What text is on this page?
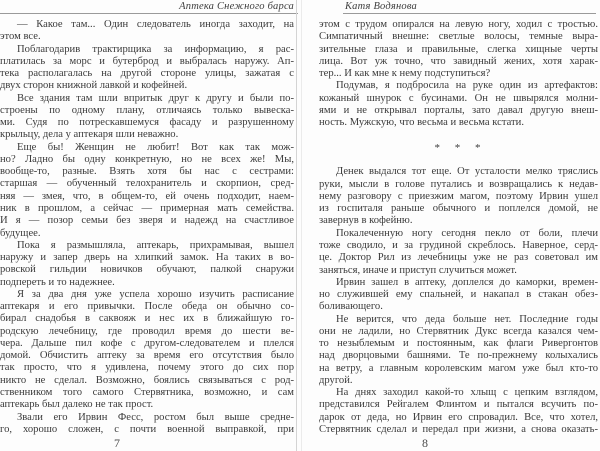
Аптека Снежного барса
— Какое там... Один следователь иногда заходит, на
этом все.
Поблагодарив трактирщика за информацию, я рас-
платилась за морс и бутерброд и выбралась наружу. Ап-
тека располагалась на другой стороне улицы, зажатая с
двух сторон книжной лавкой и кофейней.
Все здания там шли впритык друг к другу и были по-
строены по одному плану, отличаясь только вывеска-
ми. Судя по потрескавшемуся фасаду и разрушенному
крыльцу, дела у аптекаря шли неважно.
Еще бы! Женщин не любит! Вот как так мож-
но? Ладно бы одну конкретную, но не всех же! Мы,
вообще-то, разные. Взять хотя бы нас с сестрами:
старшая — обученный телохранитель и скорпион, сред-
няя — змея, что, в общем-то, ей очень подходит, наем-
ник в прошлом, а сейчас — примерная мать семейства.
И я — позор семьи без зверя и надежд на счастливое
будущее.
Пока я размышляла, аптекарь, прихрамывая, вышел
наружу и запер дверь на хлипкий замок. На таких в во-
ровской гильдии новичков обучают, палкой снаружи
подпереть и то надежнее.
Я за два дня уже успела хорошо изучить расписание
аптекаря и его привычки. После обеда он обычно со-
бирал снадобья в саквояж и нес их в ближайшую го-
родскую лечебницу, где проводил время до шести ве-
чера. Дальше пил кофе с другом-следователем и плелся
домой. Обчистить аптеку за время его отсутствия было
так просто, что я удивлена, почему этого до сих пор
никто не сделал. Возможно, боялись связываться с род-
ственником того самого Стервятника, возможно, и сам
аптекарь был далеко не так прост.
Звали его Ирвин Фесс, ростом был выше средне-
го, хорошо сложен, с почти военной выправкой, при
7
Катя Водянова
этом с трудом опирался на левую ногу, ходил с тростью.
Симпатичный внешне: светлые волосы, темные выра-
зительные глаза и правильные, слегка хищные черты
лица. Вот уж точно, что завидный жених, хотя харак-
тер... И как мне к нему подступиться?
Подумав, я подбросила на руке один из артефактов:
кожаный шнурок с бусинами. Он не швырялся молни-
ями и не открывал порталы, зато давал другую внеш-
ность. Мужскую, что весьма и весьма кстати.
* * *
Денек выдался тот еще. От усталости мелко тряслись
руки, мысли в голове путались и возвращались к недав-
нему разговору с приезжим магом, поэтому Ирвин ушел
из госпиталя раньше обычного и поплелся домой, не
завернув в кофейню.
Покалеченную ногу сегодня пекло от боли, плечи
тоже сводило, и за грудиной скреблось. Наверное, серд-
це. Доктор Рил из лечебницы уже не раз советовал им
заняться, иначе и приступ случиться может.
Ирвин зашел в аптеку, доплелся до каморки, времен-
но служившей ему спальней, и накапал в стакан обез-
боливающего.
Не верится, что деда больше нет. Последние годы
они не ладили, но Стервятник Дукс всегда казался чем-
то незыблемым и постоянным, как флаги Ривергонтов
над дворцовыми башнями. Те по-прежнему колыхались
на ветру, а главным королевским магом уже был кто-то
другой.
На днях заходил какой-то хлыщ с цепким взглядом,
представился Рейгалем Флинтом и пытался всучить по-
дарок от деда, но Ирвин его спровадил. Все, что хотел,
Стервятник сделал и передал при жизни, а снова оказать-
8
